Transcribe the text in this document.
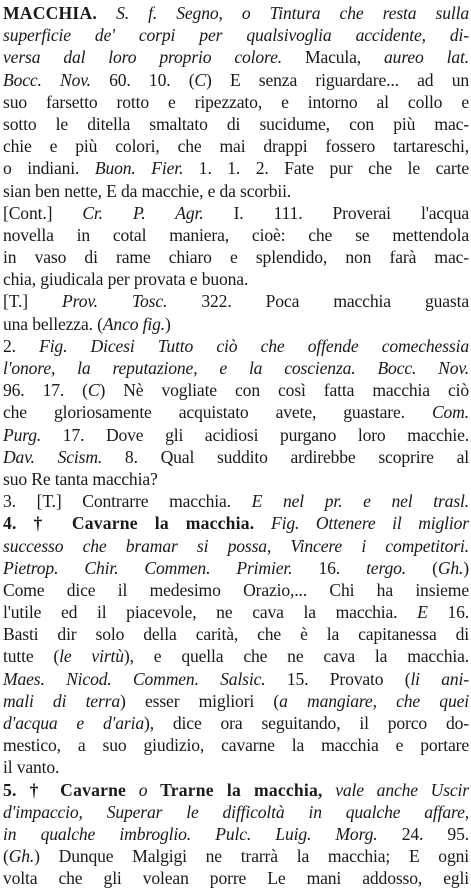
MACCHIA. S. f. Segno, o Tintura che resta sulla
superficie de' corpi per qualsivoglia accidente, di-
versa dal loro proprio colore. Macula, aureo lat.
Bocc. Nov. 60. 10. (C) E senza riguardare... ad un
suo farsetto rotto e ripezzato, e intorno al collo e
sotto le ditella smaltato di sucidume, con più mac-
chie e più colori, che mai drappi fossero tartareschi,
o indiani. Buon. Fier. 1. 1. 2. Fate pur che le carte
sian ben nette, E da macchie, e da scorbii.
[Cont.] Cr. P. Agr. I. 111. Proverai l'acqua
novella in cotal maniera, cioè: che se mettendola
in vaso di rame chiaro e splendido, non farà mac-
chia, giudicala per provata e buona.
[T.] Prov. Tosc. 322. Poca macchia guasta
una bellezza. (Anco fig.)
2. Fig. Dicesi Tutto ciò che offende comechessia
l'onore, la reputazione, e la coscienza. Bocc. Nov.
96. 17. (C) Nè vogliate con così fatta macchia ciò
che gloriosamente acquistato avete, guastare. Com.
Purg. 17. Dove gli acidiosi purgano loro macchie.
Dav. Scism. 8. Qual suddito ardirebbe scoprire al
suo Re tanta macchia?
3. [T.] Contrarre macchia. E nel pr. e nel trasl.
4. † Cavarne la macchia. Fig. Ottenere il miglior
successo che bramar si possa, Vincere i competitori.
Pietrop. Chir. Commen. Primier. 16. tergo. (Gh.)
Come dice il medesimo Orazio,... Chi ha insieme
l'utile ed il piacevole, ne cava la macchia. E 16.
Basti dir solo della carità, che è la capitanessa di
tutte (le virtù), e quella che ne cava la macchia.
Maes. Nicod. Commen. Salsic. 15. Provato (li ani-
mali di terra) esser migliori (a mangiare, che quei
d'acqua e d'aria), dice ora seguitando, il porco do-
mestico, a suo giudizio, cavarne la macchia e portare
il vanto.
5. † Cavarne o Trarne la macchia, vale anche Uscir
d'impaccio, Superar le difficoltà in qualche affare,
in qualche imbroglio. Pulc. Luig. Morg. 24. 95.
(Gh.) Dunque Malgigi ne trarrà la macchia; E ogni
volta che gli volean porre Le mani addosso, egli
